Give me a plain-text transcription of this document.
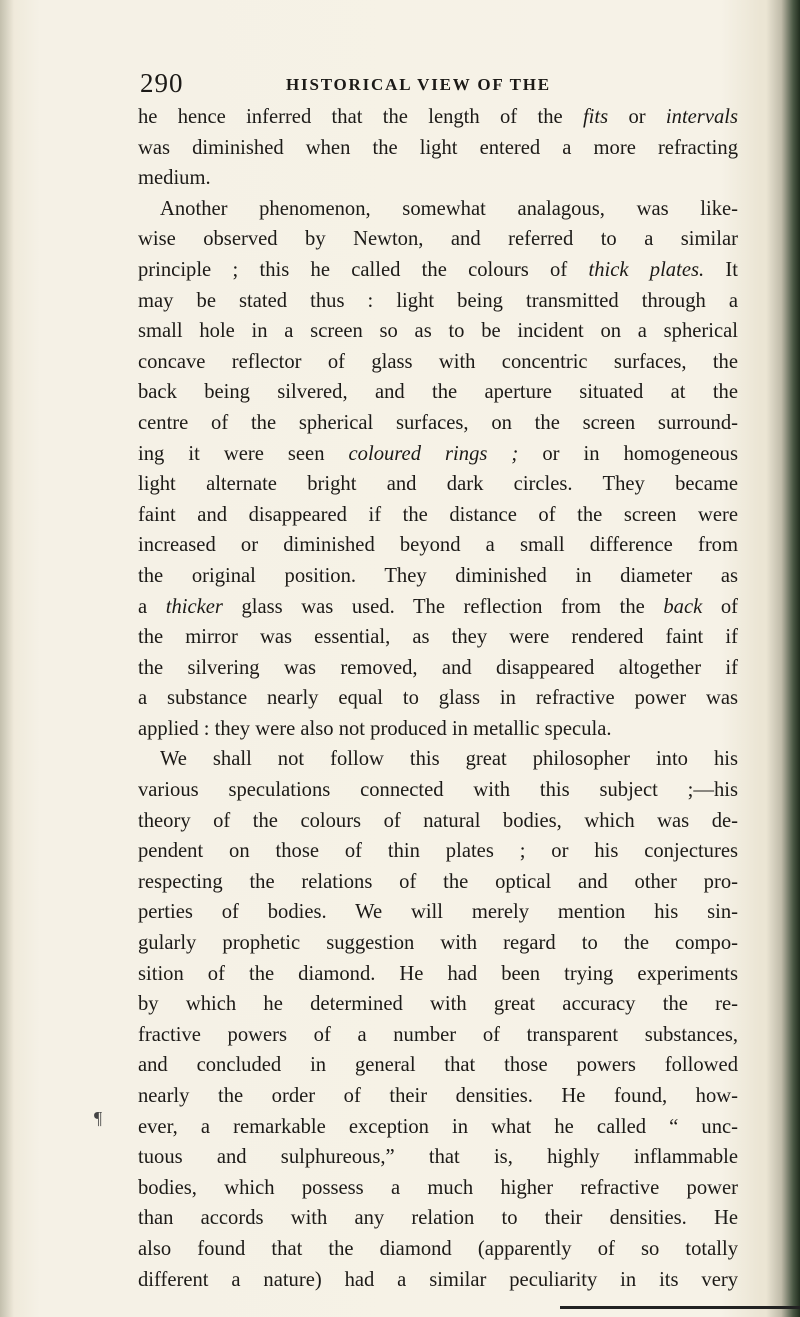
290	HISTORICAL VIEW OF THE
he hence inferred that the length of the fits or intervals
was diminished when the light entered a more refracting
medium.
Another phenomenon, somewhat analagous, was like-
wise observed by Newton, and referred to a similar
principle ; this he called the colours of thick plates. It
may be stated thus : light being transmitted through a
small hole in a screen so as to be incident on a spherical
concave reflector of glass with concentric surfaces, the
back being silvered, and the aperture situated at the
centre of the spherical surfaces, on the screen surround-
ing it were seen coloured rings ; or in homogeneous
light alternate bright and dark circles. They became
faint and disappeared if the distance of the screen were
increased or diminished beyond a small difference from
the original position. They diminished in diameter as
a thicker glass was used. The reflection from the back of
the mirror was essential, as they were rendered faint if
the silvering was removed, and disappeared altogether if
a substance nearly equal to glass in refractive power was
applied : they were also not produced in metallic specula.
We shall not follow this great philosopher into his
various speculations connected with this subject ;—his
theory of the colours of natural bodies, which was de-
pendent on those of thin plates ; or his conjectures
respecting the relations of the optical and other pro-
perties of bodies. We will merely mention his sin-
gularly prophetic suggestion with regard to the compo-
sition of the diamond. He had been trying experiments
by which he determined with great accuracy the re-
fractive powers of a number of transparent substances,
and concluded in general that those powers followed
nearly the order of their densities. He found, how-
ever, a remarkable exception in what he called “ unc-
tuous and sulphureous,” that is, highly inflammable
bodies, which possess a much higher refractive power
than accords with any relation to their densities. He
also found that the diamond (apparently of so totally
different a nature) had a similar peculiarity in its very
¶
